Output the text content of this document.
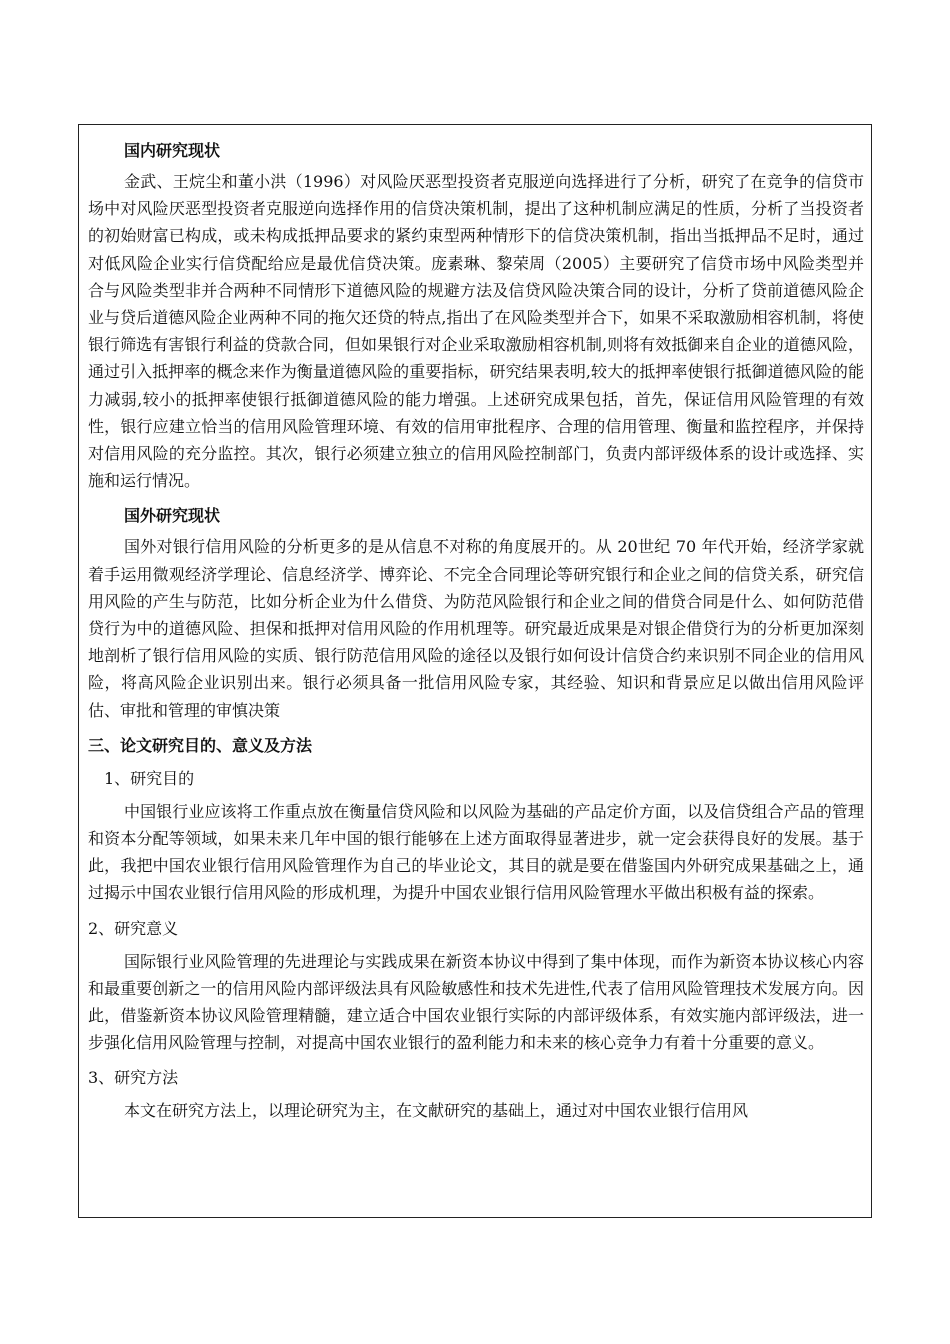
国内研究现状

金武、王烷尘和董小洪（1996）对风险厌恶型投资者克服逆向选择进行了分析，研究了在竞争的信贷市场中对风险厌恶型投资者克服逆向选择作用的信贷决策机制，提出了这种机制应满足的性质，分析了当投资者的初始财富已构成，或未构成抵押品要求的紧约束型两种情形下的信贷决策机制，指出当抵押品不足时，通过对低风险企业实行信贷配给应是最优信贷决策。庞素琳、黎荣周（2005）主要研究了信贷市场中风险类型并合与风险类型非并合两种不同情形下道德风险的规避方法及信贷风险决策合同的设计，分析了贷前道德风险企业与贷后道德风险企业两种不同的拖欠还贷的特点,指出了在风险类型并合下，如果不采取激励相容机制，将使银行筛选有害银行利益的贷款合同，但如果银行对企业采取激励相容机制,则将有效抵御来自企业的道德风险，通过引入抵押率的概念来作为衡量道德风险的重要指标，研究结果表明,较大的抵押率使银行抵御道德风险的能力减弱,较小的抵押率使银行抵御道德风险的能力增强。上述研究成果包括，首先，保证信用风险管理的有效性，银行应建立恰当的信用风险管理环境、有效的信用审批程序、合理的信用管理、衡量和监控程序，并保持对信用风险的充分监控。其次，银行必须建立独立的信用风险控制部门，负责内部评级体系的设计或选择、实施和运行情况。

国外研究现状

国外对银行信用风险的分析更多的是从信息不对称的角度展开的。从 20世纪 70 年代开始，经济学家就着手运用微观经济学理论、信息经济学、博弈论、不完全合同理论等研究银行和企业之间的信贷关系，研究信用风险的产生与防范，比如分析企业为什么借贷、为防范风险银行和企业之间的借贷合同是什么、如何防范借贷行为中的道德风险、担保和抵押对信用风险的作用机理等。研究最近成果是对银企借贷行为的分析更加深刻地剖析了银行信用风险的实质、银行防范信用风险的途径以及银行如何设计信贷合约来识别不同企业的信用风险，将高风险企业识别出来。银行必须具备一批信用风险专家，其经验、知识和背景应足以做出信用风险评估、审批和管理的审慎决策

三、论文研究目的、意义及方法
1、研究目的

中国银行业应该将工作重点放在衡量信贷风险和以风险为基础的产品定价方面，以及信贷组合产品的管理和资本分配等领域，如果未来几年中国的银行能够在上述方面取得显著进步，就一定会获得良好的发展。基于此，我把中国农业银行信用风险管理作为自己的毕业论文，其目的就是要在借鉴国内外研究成果基础之上，通过揭示中国农业银行信用风险的形成机理，为提升中国农业银行信用风险管理水平做出积极有益的探索。

2、研究意义

国际银行业风险管理的先进理论与实践成果在新资本协议中得到了集中体现，而作为新资本协议核心内容和最重要创新之一的信用风险内部评级法具有风险敏感性和技术先进性,代表了信用风险管理技术发展方向。因此，借鉴新资本协议风险管理精髓，建立适合中国农业银行实际的内部评级体系，有效实施内部评级法，进一步强化信用风险管理与控制，对提高中国农业银行的盈利能力和未来的核心竞争力有着十分重要的意义。

3、研究方法

本文在研究方法上，以理论研究为主，在文献研究的基础上，通过对中国农业银行信用风
